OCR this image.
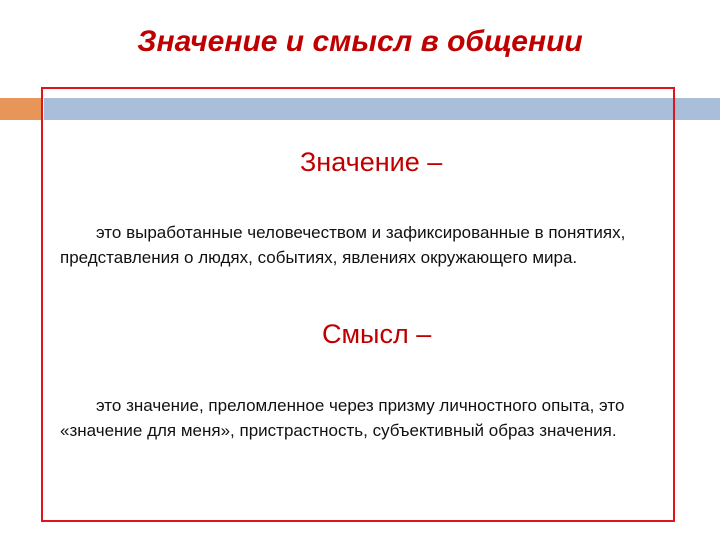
Значение и смысл в общении

Значение –

это выработанные человечеством и зафиксированные в понятиях, представления о людях, событиях, явлениях окружающего мира.

Смысл –

это значение, преломленное через призму личностного опыта, это «значение для меня», пристрастность, субъективный образ значения.
